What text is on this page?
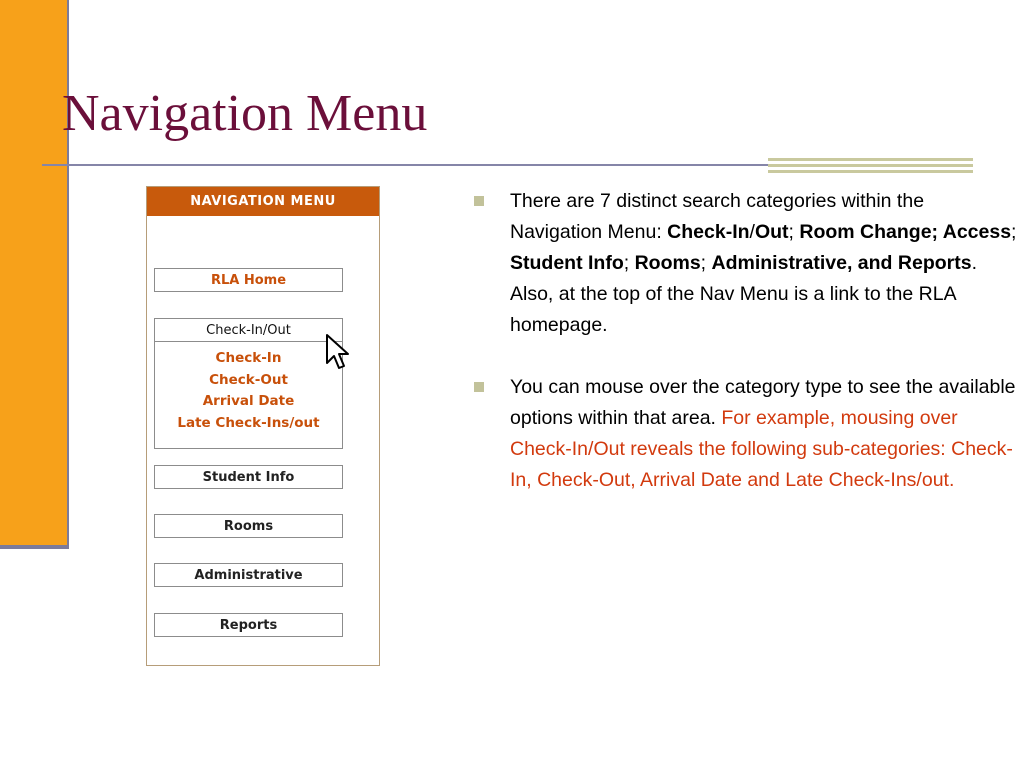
Navigation Menu
NAVIGATION MENU
RLA Home
Check-In/Out
Check-In
Check-Out
Arrival Date
Late Check-Ins/out
Student Info
Rooms
Administrative
Reports
There are 7 distinct search categories within the Navigation Menu: Check-In/Out; Room Change; Access; Student Info; Rooms; Administrative, and Reports. Also, at the top of the Nav Menu is a link to the RLA homepage.
You can mouse over the category type to see the available options within that area. For example, mousing over Check-In/Out reveals the following sub-categories: Check-In, Check-Out, Arrival Date and Late Check-Ins/out.
